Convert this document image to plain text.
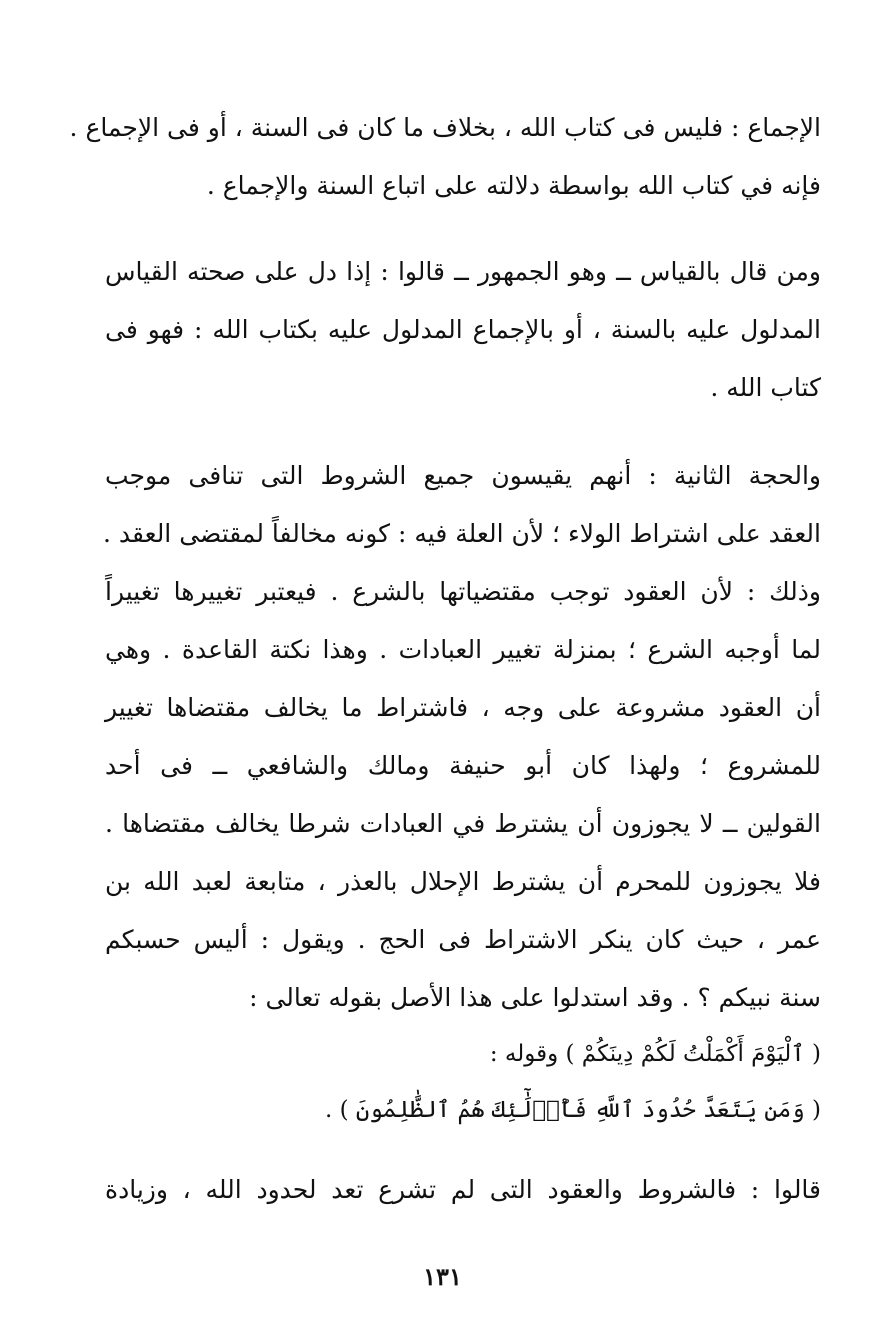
الإجماع : فليس فى كتاب الله ، بخلاف ما كان فى السنة ، أو فى الإجماع .
فإنه في كتاب الله بواسطة دلالته على اتباع السنة والإجماع .
ومن قال بالقياس ــ وهو الجمهور ــ قالوا : إذا دل على صحته القياس
المدلول عليه بالسنة ، أو بالإجماع المدلول عليه بكتاب الله : فهو فى
كتاب الله .
والحجة الثانية : أنهم يقيسون جميع الشروط التى تنافى موجب
العقد على اشتراط الولاء ؛ لأن العلة فيه : كونه مخالفاً لمقتضى العقد .
وذلك : لأن العقود توجب مقتضياتها بالشرع . فيعتبر تغييرها تغييراً
لما أوجبه الشرع ؛ بمنزلة تغيير العبادات . وهذا نكتة القاعدة . وهي
أن العقود مشروعة على وجه ، فاشتراط ما يخالف مقتضاها تغيير
للمشروع ؛ ولهذا كان أبو حنيفة ومالك والشافعي ــ فى أحد
القولين ــ لا يجوزون أن يشترط في العبادات شرطا يخالف مقتضاها .
فلا يجوزون للمحرم أن يشترط الإحلال بالعذر ، متابعة لعبد الله بن
عمر ، حيث كان ينكر الاشتراط فى الحج . ويقول : أليس حسبكم
سنة نبيكم ؟ . وقد استدلوا على هذا الأصل بقوله تعالى :
( ٱلْيَوْمَ أَكْمَلْتُ لَكُمْ دِينَكُمْ ) وقوله :
( وَمَن يَتَعَدَّ حُدُودَ ٱللَّهِ فَأُو۟لَٰٓئِكَ هُمُ ٱلظَّٰلِمُونَ ) .
قالوا : فالشروط والعقود التى لم تشرع تعد لحدود الله ، وزيادة
١٣١
